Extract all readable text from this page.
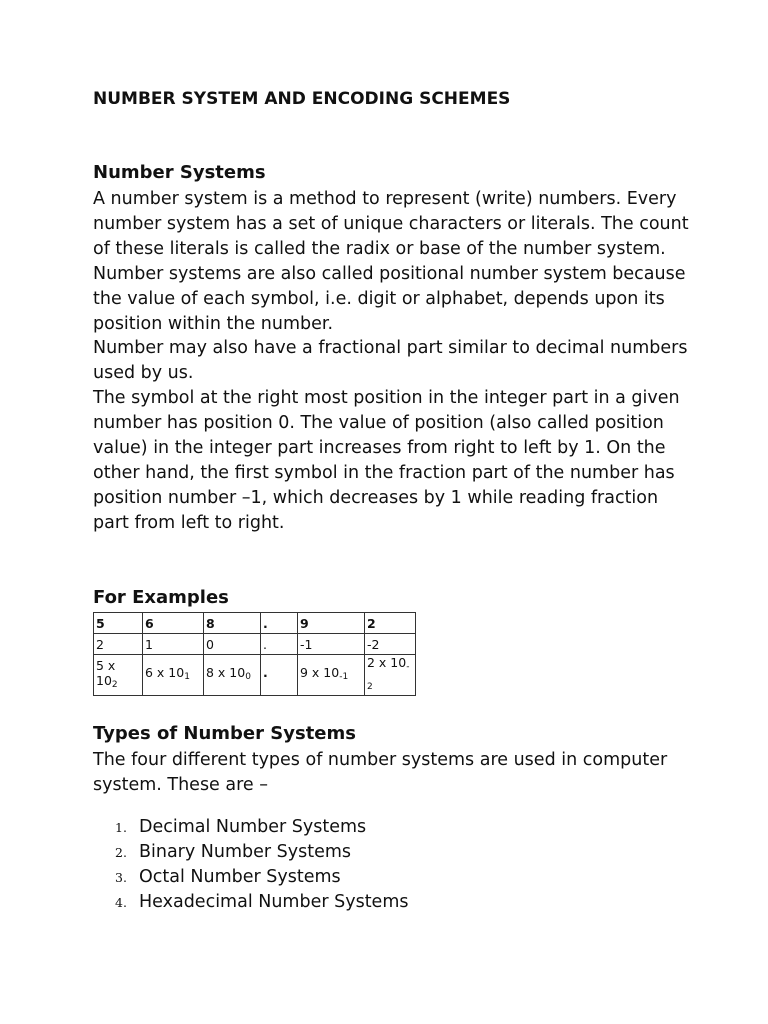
NUMBER SYSTEM AND ENCODING SCHEMES
Number Systems

A number system is a method to represent (write) numbers. Every number system has a set of unique characters or literals. The count of these literals is called the radix or base of the number system.

Number systems are also called positional number system because the value of each symbol, i.e. digit or alphabet, depends upon its position within the number.

Number may also have a fractional part similar to decimal numbers used by us.

The symbol at the right most position in the integer part in a given number has position 0. The value of position (also called position value) in the integer part increases from right to left by 1. On the other hand, the first symbol in the fraction part of the number has position number –1, which decreases by 1 while reading fraction part from left to right.

For Examples
5	6	8	.	9	2
2	1	0	.	-1	-2
5 x $10_2$	6 x $10_1$	8 x $10_0$	.	9 x $10_{-1}$	2 x $10_{-2}$
Types of Number Systems

The four different types of number systems are used in computer system. These are –

1. Decimal Number Systems
2. Binary Number Systems
3. Octal Number Systems
4. Hexadecimal Number Systems
